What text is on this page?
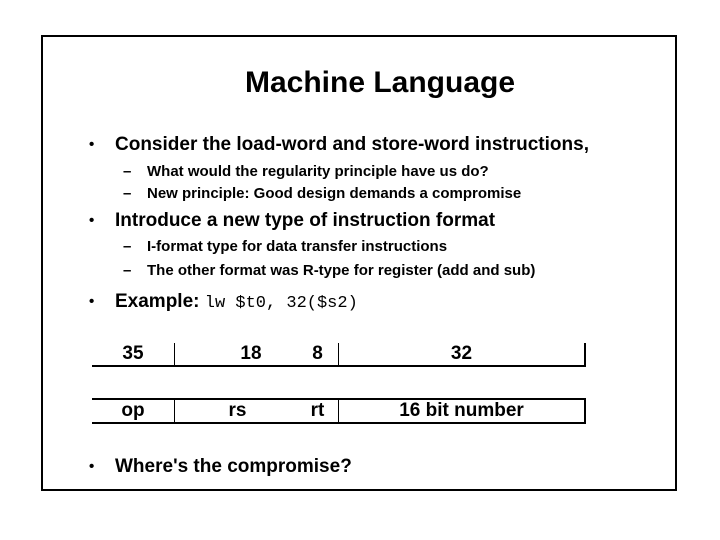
Machine Language
• Consider the load-word and store-word instructions,
– What would the regularity principle have us do?
– New principle: Good design demands a compromise
• Introduce a new type of instruction format
– I-format type for data transfer instructions
– The other format was R-type for register (add and sub)
• Example: lw $t0, 32($s2)
35	18	8	32
op	rs	rt	16 bit number
• Where's the compromise?
